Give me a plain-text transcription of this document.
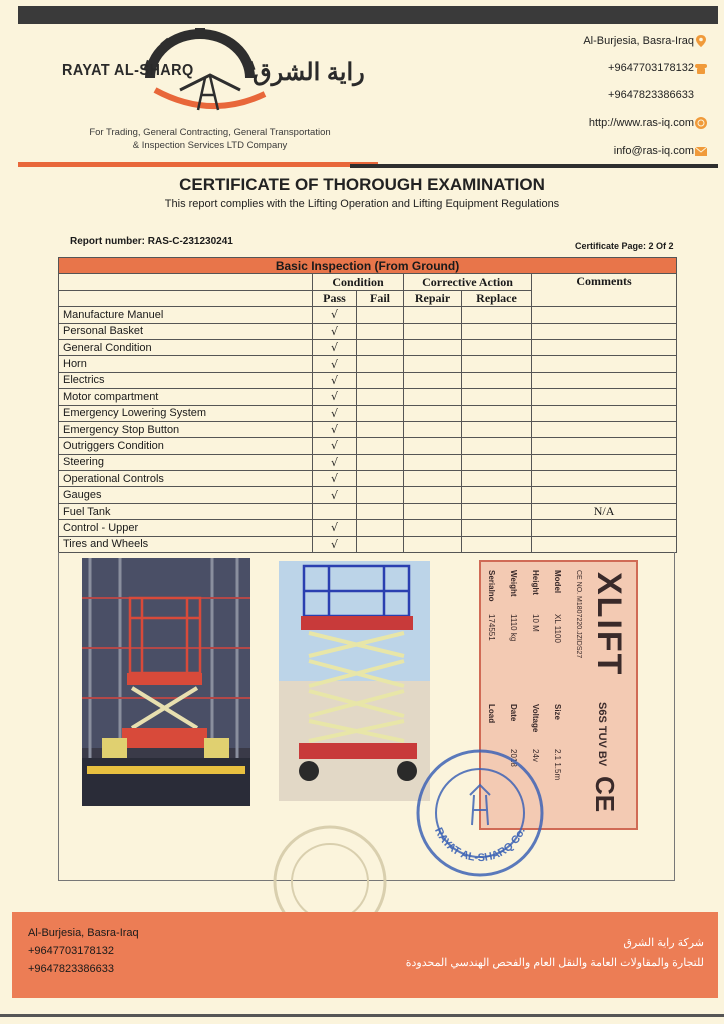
RAYAT AL-SHARQ راية الشرق
For Trading, General Contracting, General Transportation
& Inspection Services LTD Company
Al-Burjesia, Basra-Iraq
+9647703178132
+9647823386633
http://www.ras-iq.com
info@ras-iq.com
CERTIFICATE OF THOROUGH EXAMINATION
This report complies with the Lifting Operation and Lifting Equipment Regulations
Report number: RAS-C-231230241	Certificate Page: 2 Of 2
Basic Inspection (From Ground)					
	Condition		Corrective Action		Comments
	Pass	Fail	Repair	Replace	
Manufacture Manuel	√				
Personal Basket	√				
General Condition	√				
Horn	√				
Electrics	√				
Motor compartment	√				
Emergency Lowering System	√				
Emergency Stop Button	√				
Outriggers Condition	√				
Steering	√				
Operational Controls	√				
Gauges	√				
Fuel Tank					N/A
Control - Upper	√				
Tires and Wheels	√				
XLIFT
S6S TUV BV
CE
CE NO. M1807220.JZIDS27
Model
Height
Weight
Serialno
XL 1100
10 M
1110 kg
174551
Size
Voltage
Date
Load
2.1 1.5m
24v
2018
RAYAT AL-SHARQ Co.
Al-Burjesia, Basra-Iraq
+9647703178132
+9647823386633
شركة راية الشرق
للتجارة والمقاولات العامة والنقل العام والفحص الهندسي المحدودة
